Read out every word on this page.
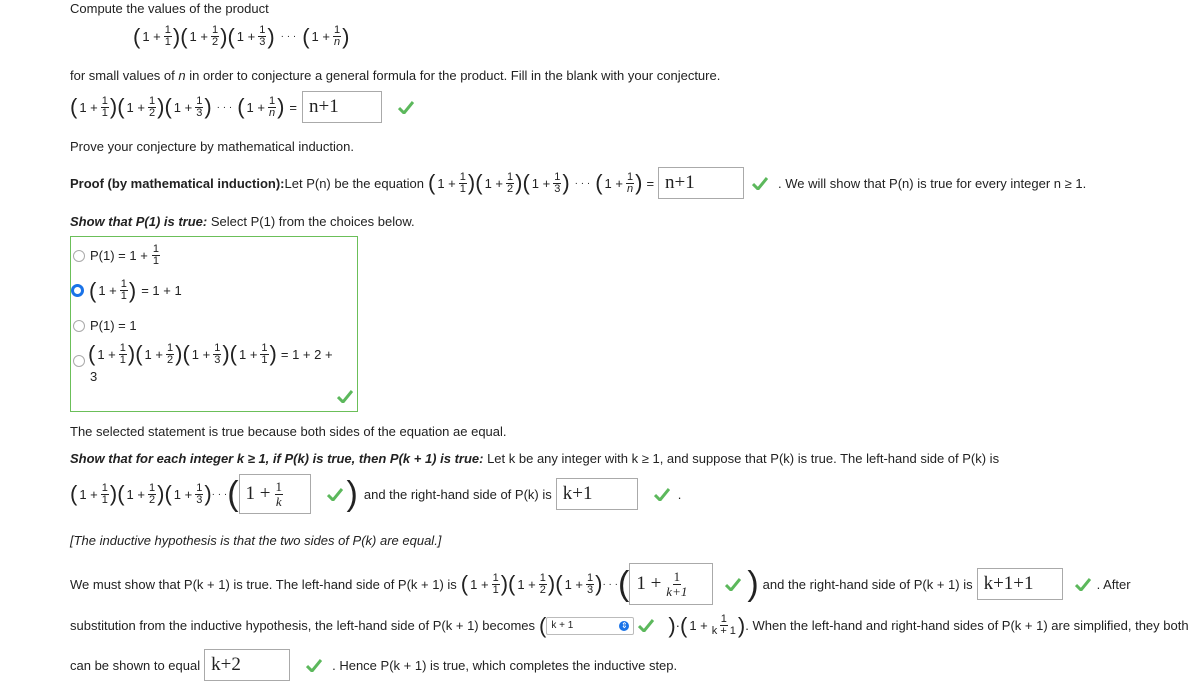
Compute the values of the product
( $1 + \frac{1}{1}$ ) ( $1 + \frac{1}{2}$ ) ( $1 + \frac{1}{3}$ ) · · · ( $1 + \frac{1}{n}$ )
for small values of n in order to conjecture a general formula for the product. Fill in the blank with your conjecture.
( $1 + \frac{1}{1}$ ) ( $1 + \frac{1}{2}$ ) ( $1 + \frac{1}{3}$ ) · · · ( $1 + \frac{1}{n}$ ) = n+1
Prove your conjecture by mathematical induction.
Proof (by mathematical induction): Let P(n) be the equation ( $1 + \frac{1}{1}$ ) ( $1 + \frac{1}{2}$ ) ( $1 + \frac{1}{3}$ ) · · · ( $1 + \frac{1}{n}$ ) = n+1	. We will show that P(n) is true for every integer n ≥ 1.
Show that P(1) is true: Select P(1) from the choices below.
$P(1) = 1 + \frac{1}{1}$
( $1 + \frac{1}{1}$ ) = 1 + 1
P(1) = 1
( $1 + \frac{1}{1}$ ) ( $1 + \frac{1}{2}$ ) ( $1 + \frac{1}{3}$ ) ( $1 + \frac{1}{1}$ ) = 1 + 2 +
3
The selected statement is true because both sides of the equation ae equal.
Show that for each integer k ≥ 1, if P(k) is true, then P(k + 1) is true: Let k be any integer with k ≥ 1, and suppose that P(k) is true. The left-hand side of P(k) is
( $1 + \frac{1}{1}$ ) ( $1 + \frac{1}{2}$ ) ( $1 + \frac{1}{3}$ ) · · · ( $1 + \frac{1}{k}$ ) and the right-hand side of P(k) is k+1	.
[The inductive hypothesis is that the two sides of P(k) are equal.]
We must show that P(k + 1) is true. The left-hand side of P(k + 1) is ( $1 + \frac{1}{1}$ ) ( $1 + \frac{1}{2}$ ) ( $1 + \frac{1}{3}$ ) · · · ( $1 + \frac{1}{k+1}$ ) and the right-hand side of P(k + 1) is k+1+1	. After
substitution from the inductive hypothesis, the left-hand side of P(k + 1) becomes ( k + 1	⇕ ) · ( $1 + \frac{1}{k + 1}$ ) . When the left-hand and right-hand sides of P(k + 1) are simplified, they both
can be shown to equal k+2	. Hence P(k + 1) is true, which completes the inductive step.
